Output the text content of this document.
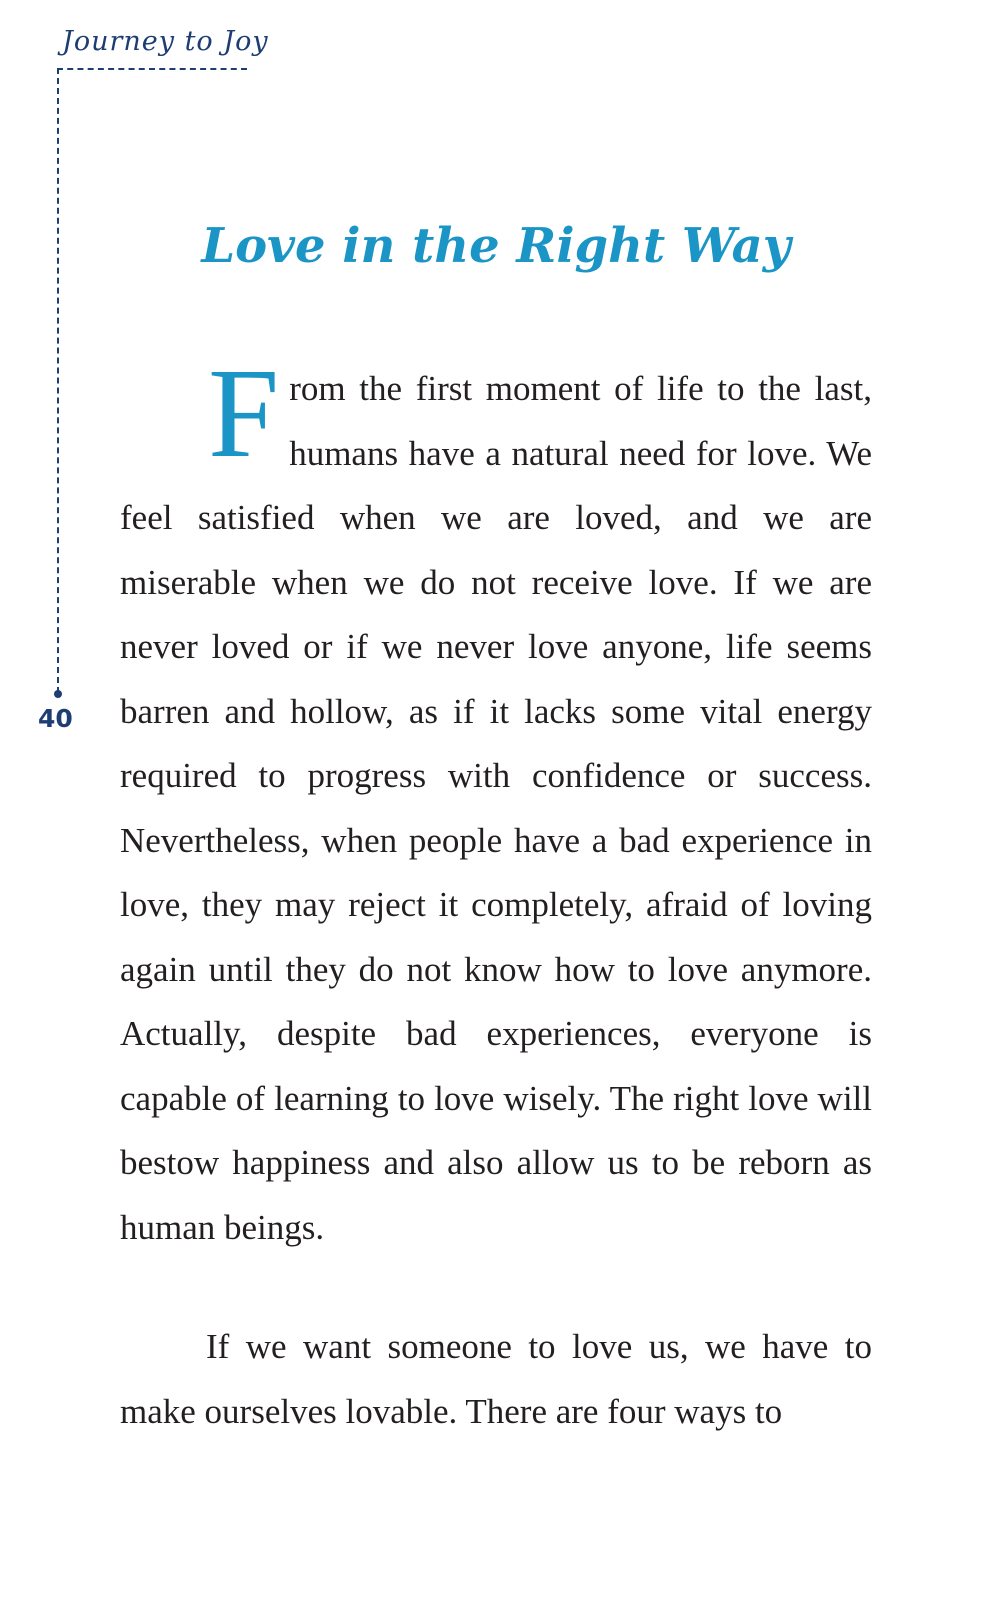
Journey to Joy
40
Love in the Right Way

From the first moment of life to the last, humans have a natural need for love. We feel satisfied when we are loved, and we are miserable when we do not receive love. If we are never loved or if we never love anyone, life seems barren and hollow, as if it lacks some vital energy required to progress with confidence or success. Nevertheless, when people have a bad experience in love, they may reject it completely, afraid of loving again until they do not know how to love anymore. Actually, despite bad experiences, everyone is capable of learning to love wisely. The right love will bestow happiness and also allow us to be reborn as human beings.

If we want someone to love us, we have to make ourselves lovable. There are four ways to
